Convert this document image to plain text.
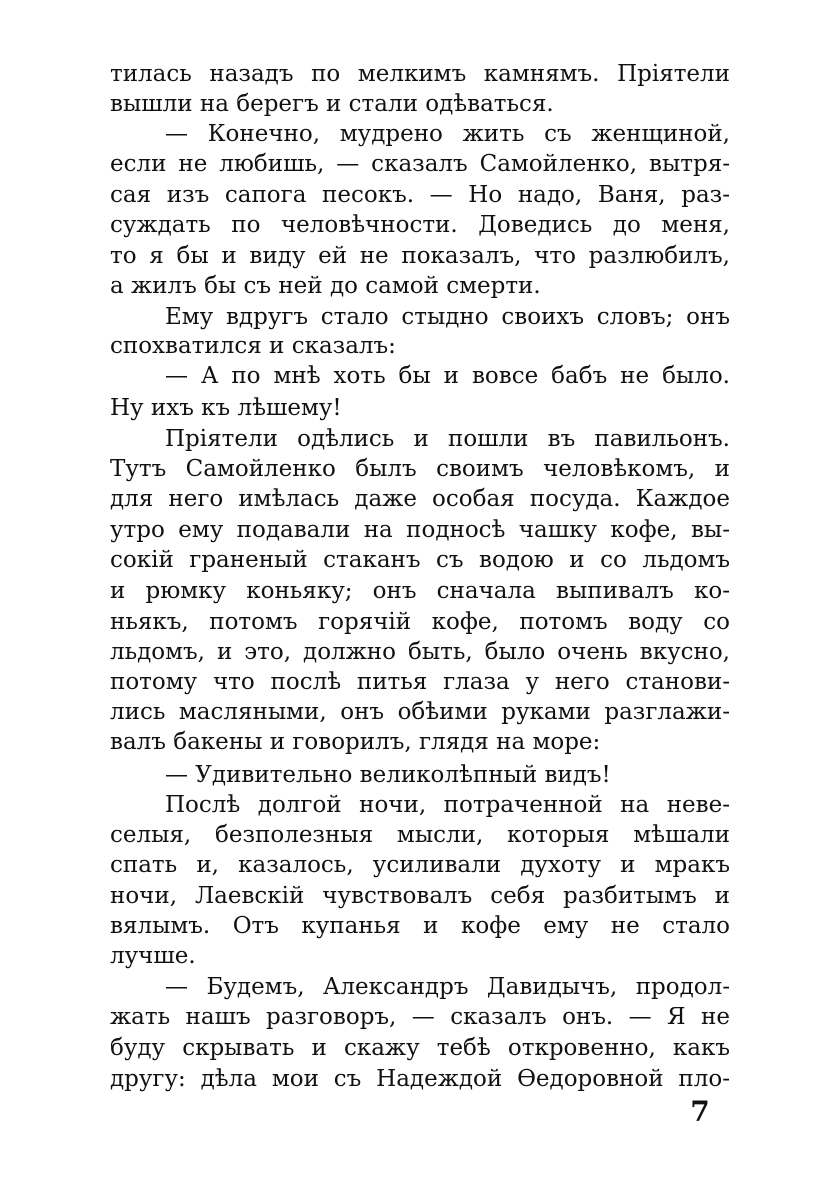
тилась назадъ по мелкимъ камнямъ. Пріятели
вышли на берегъ и стали одѣваться.
— Конечно, мудрено жить съ женщиной,
если не любишь, — сказалъ Самойленко, вытря-
сая изъ сапога песокъ. — Но надо, Ваня, раз-
суждать по человѣчности. Доведись до меня,
то я бы и виду ей не показалъ, что разлюбилъ,
а жилъ бы съ ней до самой смерти.
Ему вдругъ стало стыдно своихъ словъ; онъ
спохватился и сказалъ:
— А по мнѣ хоть бы и вовсе бабъ не было.
Ну ихъ къ лѣшему!
Пріятели одѣлись и пошли въ павильонъ.
Тутъ Самойленко былъ своимъ человѣкомъ, и
для него имѣлась даже особая посуда. Каждое
утро ему подавали на подносѣ чашку кофе, вы-
сокій граненый стаканъ съ водою и со льдомъ
и рюмку коньяку; онъ сначала выпивалъ ко-
ньякъ, потомъ горячій кофе, потомъ воду со
льдомъ, и это, должно быть, было очень вкусно,
потому что послѣ питья глаза у него станови-
лись масляными, онъ обѣими руками разглажи-
валъ бакены и говорилъ, глядя на море:
— Удивительно великолѣпный видъ!
Послѣ долгой ночи, потраченной на неве-
селыя, безполезныя мысли, которыя мѣшали
спать и, казалось, усиливали духоту и мракъ
ночи, Лаевскій чувствовалъ себя разбитымъ и
вялымъ. Отъ купанья и кофе ему не стало
лучше.
— Будемъ, Александръ Давидычъ, продол-
жать нашъ разговоръ, — сказалъ онъ. — Я не
буду скрывать и скажу тебѣ откровенно, какъ
другу: дѣла мои съ Надеждой Ѳедоровной пло-
7
